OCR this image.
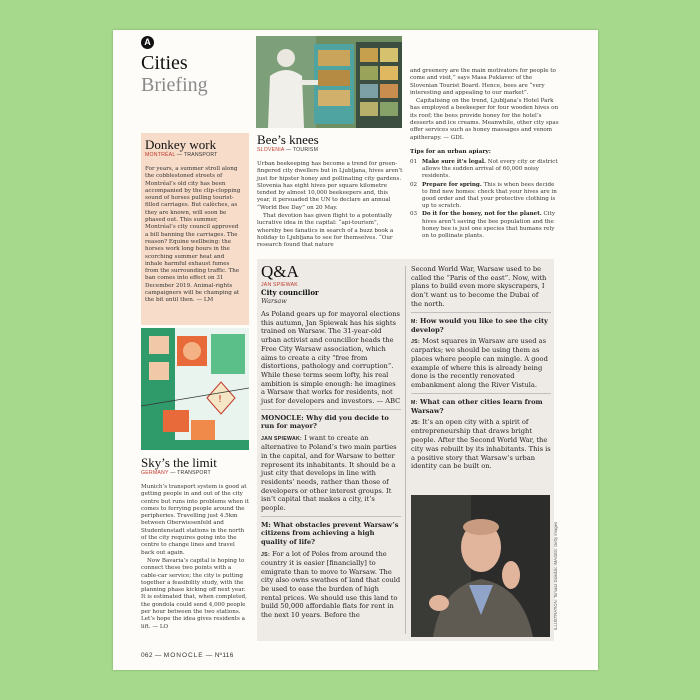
A
Cities
Briefing
Donkey work
MONTRÉAL — TRANSPORT

For years, a summer stroll along the cobblestoned streets of Montréal’s old city has been accompanied by the clip-clopping sound of horses pulling tourist-filled carriages. But calèches, as they are known, will soon be phased out. This summer, Montréal’s city council approved a bill banning the carriages. The reason? Equine wellbeing: the horses work long hours in the scorching summer heat and inhale harmful exhaust fumes from the surrounding traffic. The ban comes into effect on 31 December 2019. Animal-rights campaigners will be champing at the bit until then. — LM

!
Sky’s the limit
GERMANY — TRANSPORT

Munich’s transport system is good at getting people in and out of the city centre but runs into problems when it comes to ferrying people around the peripheries. Travelling just 4.5km between Oberwiesenfeld and Studentenstadt stations in the north of the city requires going into the centre to change lines and travel back out again.

Now Bavaria’s capital is hoping to connect these two points with a cable-car service; the city is putting together a feasibility study, with the planning phase kicking off next year. It is estimated that, when completed, the gondola could send 4,000 people per hour between the two stations. Let’s hope the idea gives residents a lift. — LO

Bee’s knees
SLOVENIA — TOURISM

Urban beekeeping has become a trend for green-fingered city dwellers but in Ljubljana, hives aren’t just for hipster honey and pollinating city gardens. Slovenia has eight hives per square kilometre tended by almost 10,000 beekeepers and, this year, it persuaded the UN to declare an annual “World Bee Day” on 20 May.

That devotion has given flight to a potentially lucrative idea in the capital: “api-tourism”, whereby bee fanatics in search of a buzz book a holiday to Ljubljana to see for themselves. “Our research found that nature

and greenery are the main motivators for people to come and visit,” says Masa Puklavec of the Slovenian Tourist Board. Hence, bees are “very interesting and appealing to our market”.

Capitalising on the trend, Ljubljana’s Hotel Park has employed a beekeeper for four wooden hives on its roof; the bees provide honey for the hotel’s desserts and ice creams. Meanwhile, other city spas offer services such as honey massages and venom apitherapy. — GDL

Tips for an urban apiary:
01 Make sure it’s legal. Not every city or district allows the sudden arrival of 60,000 noisy residents.
02 Prepare for spring. This is when bees decide to find new homes: check that your hives are in good order and that your protective clothing is up to scratch.
03 Do it for the honey, not for the planet. City hives aren’t saving the bee population and the honey bee is just one species that humans rely on to pollinate plants.
Q&A
JAN SPIEWAK
City councillor
Warsaw

As Poland gears up for mayoral elections this autumn, Jan Spiewak has his sights trained on Warsaw. The 31-year-old urban activist and councillor heads the Free City Warsaw association, which aims to create a city “free from distortions, pathology and corruption”. While these terms seem lofty, his real ambition is simple enough: he imagines a Warsaw that works for residents, not just for developers and investors. — ABC

MONOCLE: Why did you decide to run for mayor?

JAN SPIEWAK: I want to create an alternative to Poland’s two main parties in the capital, and for Warsaw to better represent its inhabitants. It should be a just city that develops in line with residents’ needs, rather than those of developers or other interest groups. It isn’t capital that makes a city, it’s people.

M: What obstacles prevent Warsaw’s citizens from achieving a high quality of life?

JS: For a lot of Poles from around the country it is easier [financially] to emigrate than to move to Warsaw. The city also owns swathes of land that could be used to ease the burden of high rental prices. We should use this land to build 50,000 affordable flats for rent in the next 10 years. Before the

Second World War, Warsaw used to be called the “Paris of the east”. Now, with plans to build even more skyscrapers, I don’t want us to become the Dubai of the north.

M: How would you like to see the city develop?

JS: Most squares in Warsaw are used as carparks; we should be using them as places where people can mingle. A good example of where this is already being done is the recently renovated embankment along the River Vistula.

M: What can other cities learn from Warsaw?

JS: It’s an open city with a spirit of entrepreneurship that draws bright people. After the Second World War, the city was rebuilt by its inhabitants. This is a positive story that Warsaw’s urban identity can be built on.

ILLUSTRATION: Tomasz Dziedzic IMAGES: Getty Images
062 — MONOCLE — Nº116
